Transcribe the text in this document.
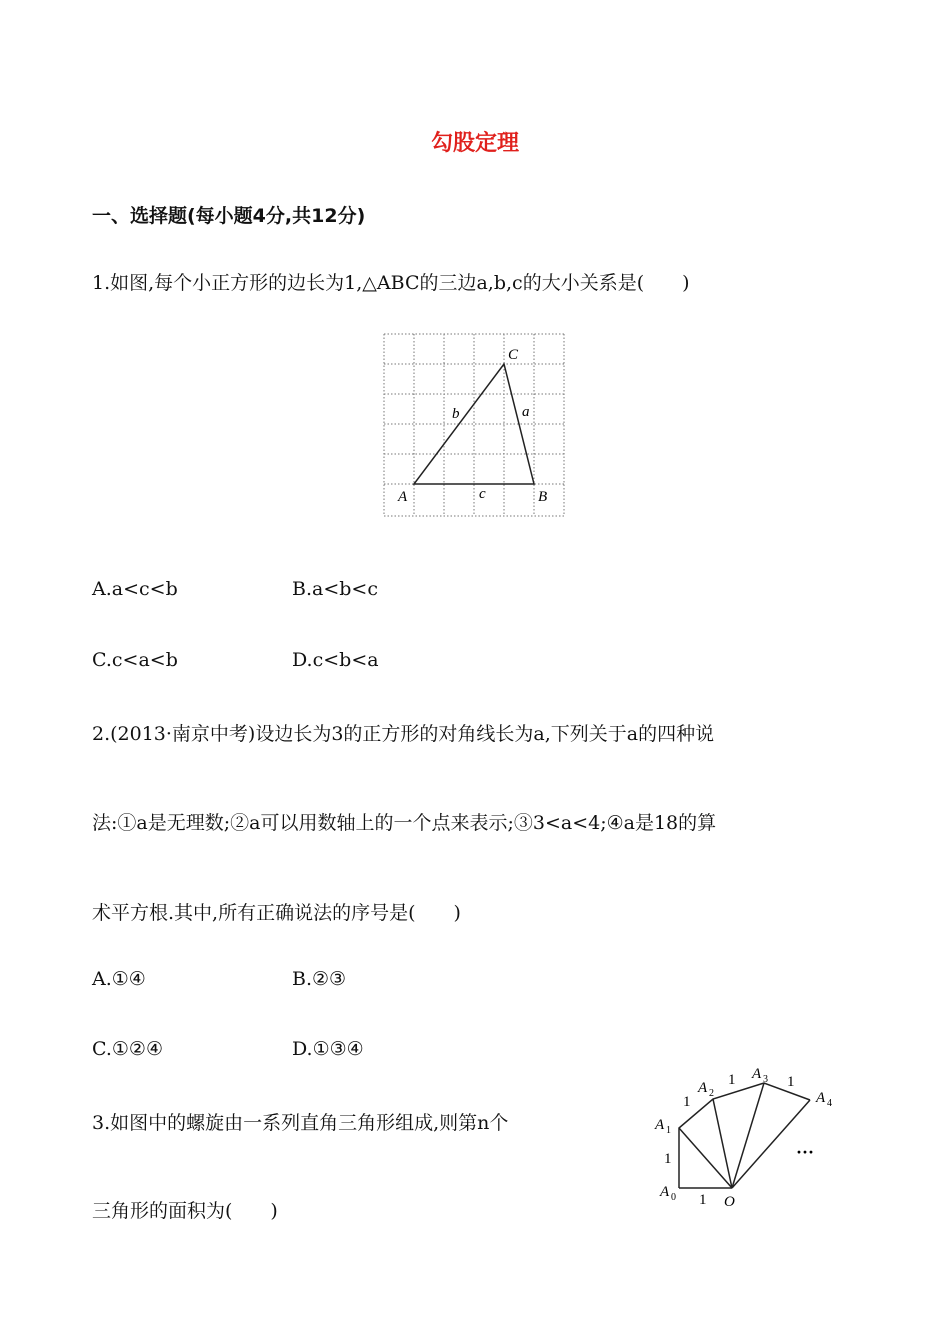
勾股定理
一、选择题(每小题4分,共12分)
1.如图,每个小正方形的边长为1,△ABC的三边a,b,c的大小关系是(　　)
A	B
C
a
b
c
A.a<c<b	B.a<b<c
C.c<a<b	D.c<b<a
2.(2013·南京中考)设边长为3的正方形的对角线长为a,下列关于a的四种说
法:①a是无理数;②a可以用数轴上的一个点来表示;③3<a<4;④a是18的算
术平方根.其中,所有正确说法的序号是(　　)
A.①④	B.②③
C.①②④	D.①③④
3.如图中的螺旋由一系列直角三角形组成,则第n个
三角形的面积为(　　)
A 0
A 1
A 2
A 3
A 4
O
1
1
1
1	1
···
